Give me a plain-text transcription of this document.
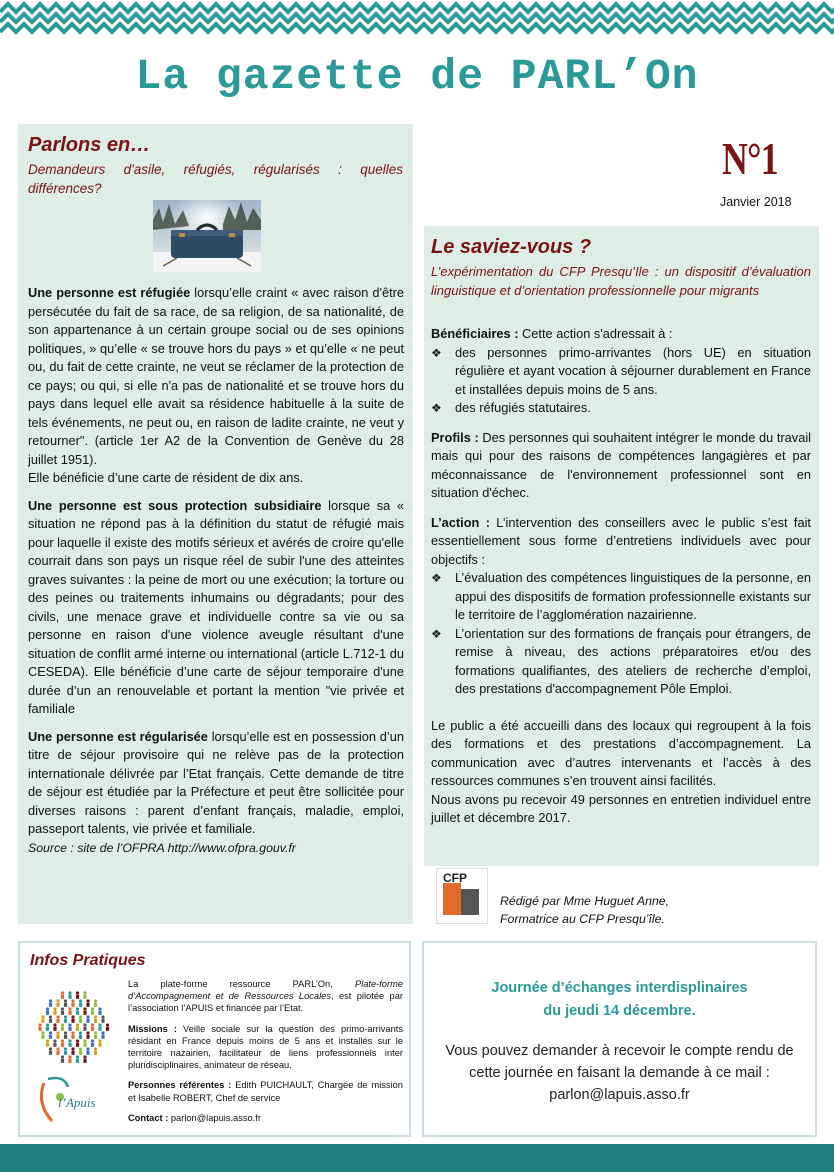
La gazette de PARL’On
N°1
Janvier 2018
Parlons en…

Demandeurs d'asile, réfugiés, régularisés : quelles différences?

Une personne est réfugiée lorsqu’elle craint « avec raison d'être persécutée du fait de sa race, de sa religion, de sa nationalité, de son appartenance à un certain groupe social ou de ses opinions politiques, » qu’elle « se trouve hors du pays » et qu’elle « ne peut ou, du fait de cette crainte, ne veut se réclamer de la protection de ce pays; ou qui, si elle n'a pas de nationalité et se trouve hors du pays dans lequel elle avait sa résidence habituelle à la suite de tels événements, ne peut ou, en raison de ladite crainte, ne veut y retourner". (article 1er A2 de la Convention de Genève du 28 juillet 1951).

Elle bénéficie d’une carte de résident de dix ans.

Une personne est sous protection subsidiaire lorsque sa « situation ne répond pas à la définition du statut de réfugié mais pour laquelle il existe des motifs sérieux et avérés de croire qu'elle courrait dans son pays un risque réel de subir l'une des atteintes graves suivantes : la peine de mort ou une exécution; la torture ou des peines ou traitements inhumains ou dégradants; pour des civils, une menace grave et individuelle contre sa vie ou sa personne en raison d'une violence aveugle résultant d'une situation de conflit armé interne ou international (article L.712-1 du CESEDA). Elle bénéficie d’une carte de séjour temporaire d'une durée d’un an renouvelable et portant la mention "vie privée et familiale

Une personne est régularisée lorsqu’elle est en possession d’un titre de séjour provisoire qui ne relève pas de la protection internationale délivrée par l’Etat français. Cette demande de titre de séjour est étudiée par la Préfecture et peut être sollicitée pour diverses raisons : parent d’enfant français, maladie, emploi, passeport talents, vie privée et familiale.

Source : site de l’OFPRA http://www.ofpra.gouv.fr

Le saviez-vous ?

L’expérimentation du CFP Presqu’Ile : un dispositif d’évaluation linguistique et d’orientation professionnelle pour migrants

Bénéficiaires : Cette action s'adressait à :

❖ des personnes primo-arrivantes (hors UE) en situation régulière et ayant vocation à séjourner durablement en France et installées depuis moins de 5 ans.
❖ des réfugiés statutaires.

Profils : Des personnes qui souhaitent intégrer le monde du travail mais qui pour des raisons de compétences langagières et par méconnaissance de l'environnement professionnel sont en situation d'échec.

L’action : L’intervention des conseillers avec le public s’est fait essentiellement sous forme d’entretiens individuels avec pour objectifs :

❖ L’évaluation des compétences linguistiques de la personne, en appui des dispositifs de formation professionnelle existants sur le territoire de l’agglomération nazairienne.
❖ L’orientation sur des formations de français pour étrangers, de remise à niveau, des actions préparatoires et/ou des formations qualifiantes, des ateliers de recherche d’emploi, des prestations d'accompagnement Pôle Emploi.

Le public a été accueilli dans des locaux qui regroupent à la fois des formations et des prestations d’accompagnement. La communication avec d’autres intervenants et l’accès à des ressources communes s’en trouvent ainsi facilités.

Nous avons pu recevoir 49 personnes en entretien individuel entre juillet et décembre 2017.

CFP
Rédigé par Mme Huguet Anne,
Formatrice au CFP Presqu’île.
Infos Pratiques
l’Apuis

La plate-forme ressource PARL’On, Plate-forme d’Accompagnement et de Ressources Locales, est pilotée par l’association l’APUIS et financée par l’Etat.

Missions : Veille sociale sur la question des primo-arrivants résidant en France depuis moins de 5 ans et installés sur le territoire nazairien, facilitateur de liens professionnels inter pluridisciplinaires, animateur de réseau.

Personnes référentes : Edith PUICHAULT, Chargée de mission et Isabelle ROBERT, Chef de service

Contact : parlon@lapuis.asso.fr

Journée d’échanges interdisplinaires
du jeudi 14 décembre.
Vous pouvez demander à recevoir le compte rendu de cette journée en faisant la demande à ce mail : parlon@lapuis.asso.fr
